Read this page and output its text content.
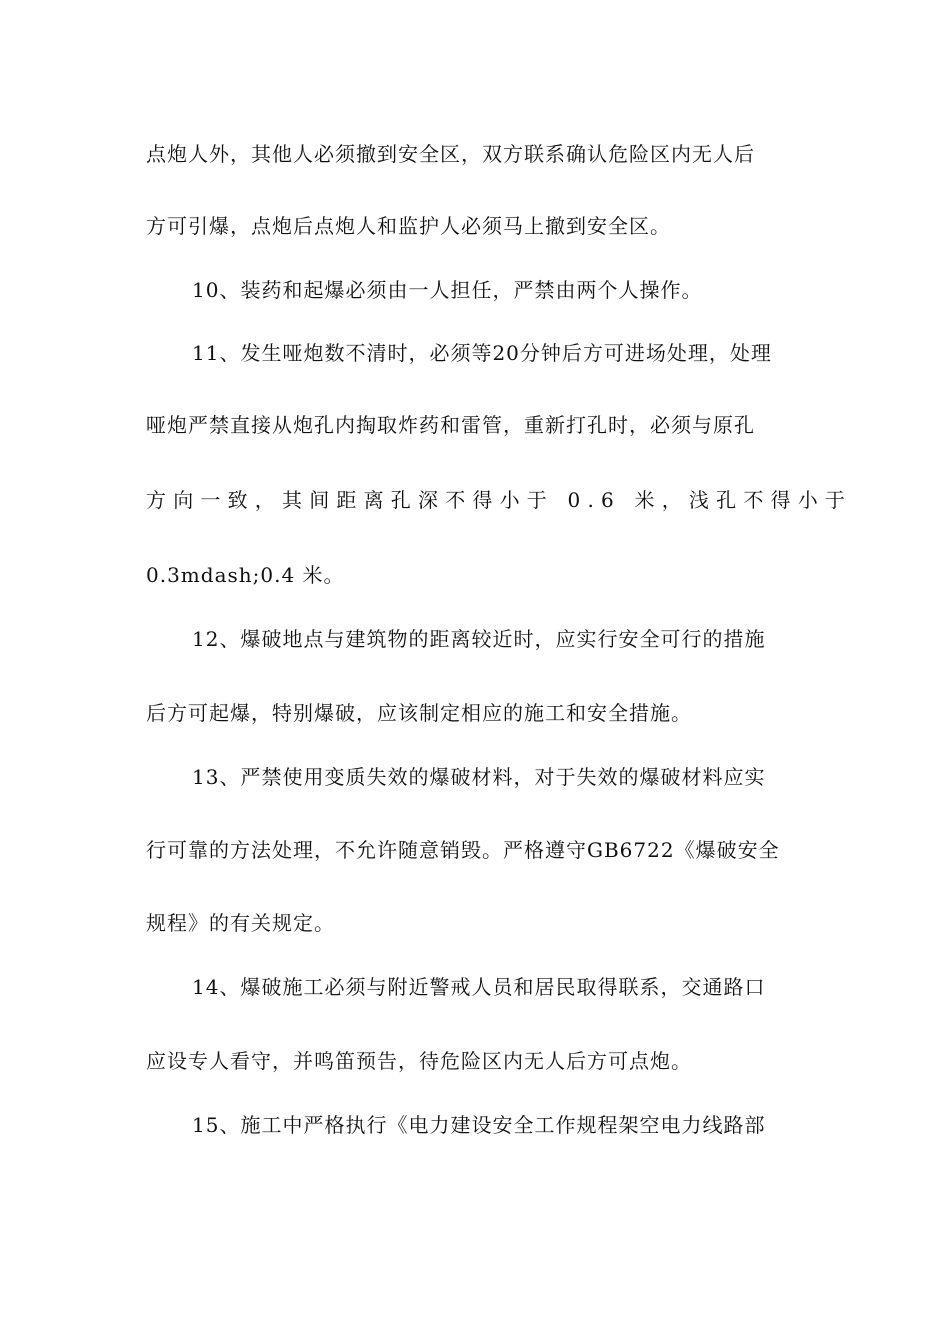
点炮人外，其他人必须撤到安全区，双方联系确认危险区内无人后
方可引爆，点炮后点炮人和监护人必须马上撤到安全区。
10、装药和起爆必须由一人担任，严禁由两个人操作。
11、发生哑炮数不清时，必须等20分钟后方可进场处理，处理
哑炮严禁直接从炮孔内掏取炸药和雷管，重新打孔时，必须与原孔
方向一致，其间距离孔深不得小于 0.6 米，浅孔不得小于
0.3mdash;0.4 米。
12、爆破地点与建筑物的距离较近时，应实行安全可行的措施
后方可起爆，特别爆破，应该制定相应的施工和安全措施。
13、严禁使用变质失效的爆破材料，对于失效的爆破材料应实
行可靠的方法处理，不允许随意销毁。严格遵守GB6722《爆破安全
规程》的有关规定。
14、爆破施工必须与附近警戒人员和居民取得联系，交通路口
应设专人看守，并鸣笛预告，待危险区内无人后方可点炮。
15、施工中严格执行《电力建设安全工作规程架空电力线路部
